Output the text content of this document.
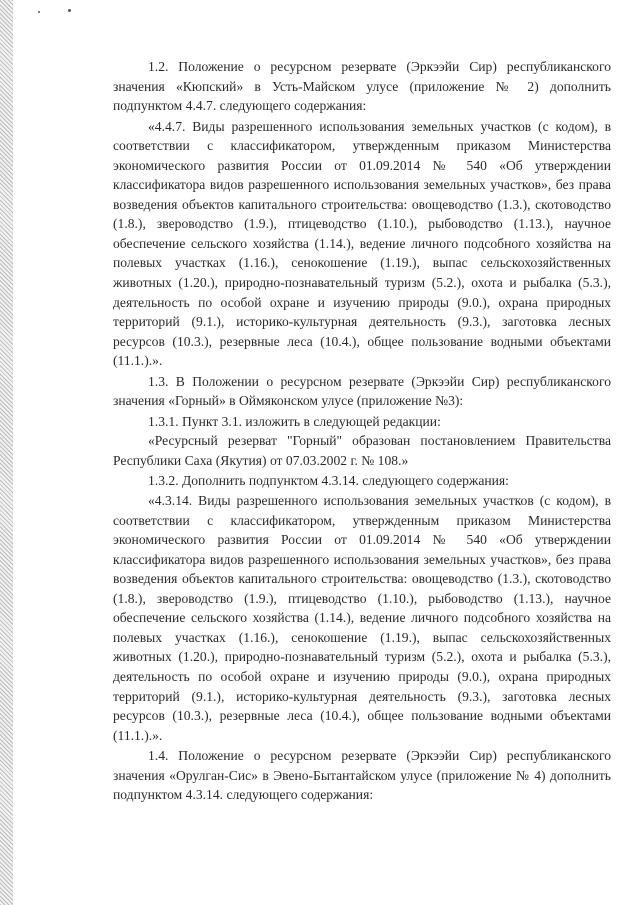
1.2. Положение о ресурсном резервате (Эркээйи Сир) республиканского значения «Кюпский» в Усть-Майском улусе (приложение № 2) дополнить подпунктом 4.4.7. следующего содержания:

«4.4.7. Виды разрешенного использования земельных участков (с кодом), в соответствии с классификатором, утвержденным приказом Министерства экономического развития России от 01.09.2014 № 540 «Об утверждении классификатора видов разрешенного использования земельных участков», без права возведения объектов капитального строительства: овощеводство (1.3.), скотоводство (1.8.), звероводство (1.9.), птицеводство (1.10.), рыбоводство (1.13.), научное обеспечение сельского хозяйства (1.14.), ведение личного подсобного хозяйства на полевых участках (1.16.), сенокошение (1.19.), выпас сельскохозяйственных животных (1.20.), природно-познавательный туризм (5.2.), охота и рыбалка (5.3.), деятельность по особой охране и изучению природы (9.0.), охрана природных территорий (9.1.), историко-культурная деятельность (9.3.), заготовка лесных ресурсов (10.3.), резервные леса (10.4.), общее пользование водными объектами (11.1.).».

1.3. В Положении о ресурсном резервате (Эркээйи Сир) республиканского значения «Горный» в Оймяконском улусе (приложение №3):

1.3.1. Пункт 3.1. изложить в следующей редакции:

«Ресурсный резерват "Горный" образован постановлением Правительства Республики Саха (Якутия) от 07.03.2002 г. № 108.»

1.3.2. Дополнить подпунктом 4.3.14. следующего содержания:

«4.3.14. Виды разрешенного использования земельных участков (с кодом), в соответствии с классификатором, утвержденным приказом Министерства экономического развития России от 01.09.2014 № 540 «Об утверждении классификатора видов разрешенного использования земельных участков», без права возведения объектов капитального строительства: овощеводство (1.3.), скотоводство (1.8.), звероводство (1.9.), птицеводство (1.10.), рыбоводство (1.13.), научное обеспечение сельского хозяйства (1.14.), ведение личного подсобного хозяйства на полевых участках (1.16.), сенокошение (1.19.), выпас сельскохозяйственных животных (1.20.), природно-познавательный туризм (5.2.), охота и рыбалка (5.3.), деятельность по особой охране и изучению природы (9.0.), охрана природных территорий (9.1.), историко-культурная деятельность (9.3.), заготовка лесных ресурсов (10.3.), резервные леса (10.4.), общее пользование водными объектами (11.1.).».

1.4. Положение о ресурсном резервате (Эркээйи Сир) республиканского значения «Орулган-Сис» в Эвено-Бытантайском улусе (приложение № 4) дополнить подпунктом 4.3.14. следующего содержания:
